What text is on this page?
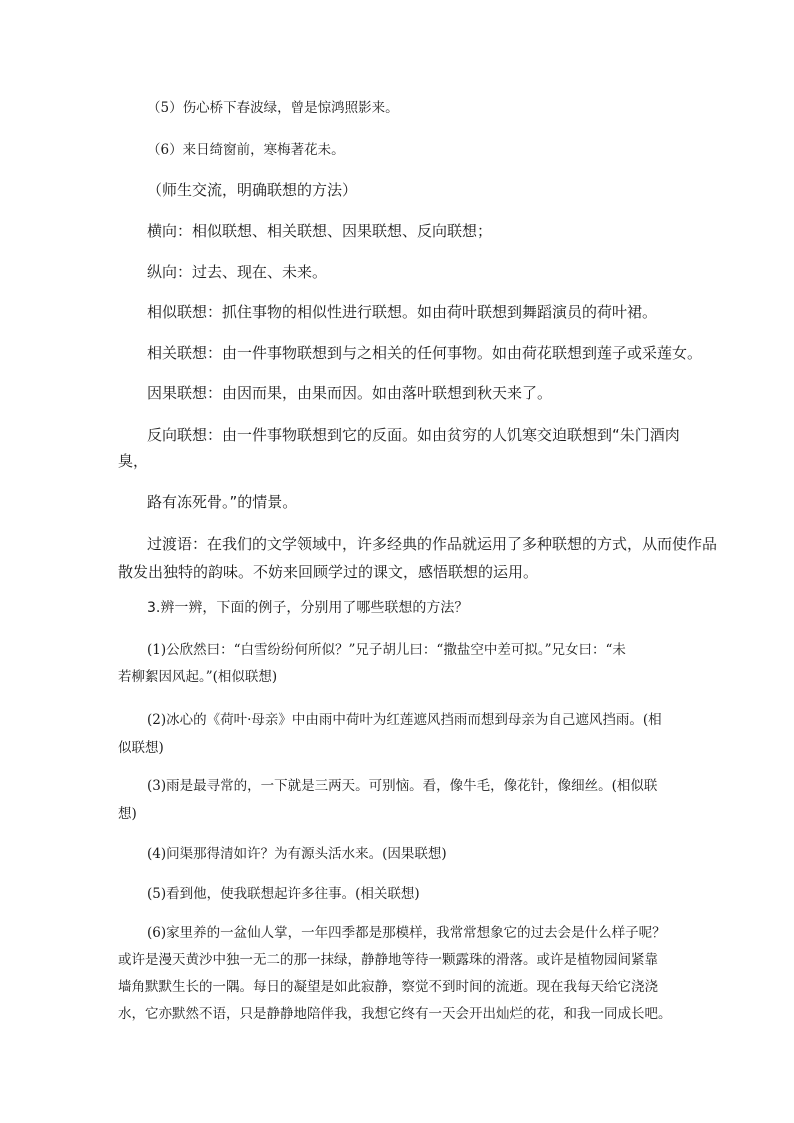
（5）伤心桥下春波绿，曾是惊鸿照影来。

（6）来日绮窗前，寒梅著花未。

（师生交流，明确联想的方法）

横向：相似联想、相关联想、因果联想、反向联想；

纵向：过去、现在、未来。

相似联想：抓住事物的相似性进行联想。如由荷叶联想到舞蹈演员的荷叶裙。

相关联想：由一件事物联想到与之相关的任何事物。如由荷花联想到莲子或采莲女。

因果联想：由因而果，由果而因。如由落叶联想到秋天来了。

反向联想：由一件事物联想到它的反面。如由贫穷的人饥寒交迫联想到“朱门酒肉
臭，

路有冻死骨。”的情景。

过渡语：在我们的文学领域中，许多经典的作品就运用了多种联想的方式，从而使作品
散发出独特的韵味。不妨来回顾学过的课文，感悟联想的运用。

3.辨一辨，下面的例子，分别用了哪些联想的方法？

(1)公欣然曰：“白雪纷纷何所似？”兄子胡儿曰：“撒盐空中差可拟。”兄女曰：“未
若柳絮因风起。”(相似联想)
(2)冰心的《荷叶·母亲》中由雨中荷叶为红莲遮风挡雨而想到母亲为自己遮风挡雨。(相
似联想)
(3)雨是最寻常的，一下就是三两天。可别恼。看，像牛毛，像花针，像细丝。(相似联
想)

(4)问渠那得清如许？为有源头活水来。(因果联想)

(5)看到他，使我联想起许多往事。(相关联想)

(6)家里养的一盆仙人掌，一年四季都是那模样，我常常想象它的过去会是什么样子呢？
或许是漫天黄沙中独一无二的那一抹绿，静静地等待一颗露珠的滑落。或许是植物园间紧靠
墙角默默生长的一隅。每日的凝望是如此寂静，察觉不到时间的流逝。现在我每天给它浇浇
水，它亦默然不语，只是静静地陪伴我，我想它终有一天会开出灿烂的花，和我一同成长吧。
